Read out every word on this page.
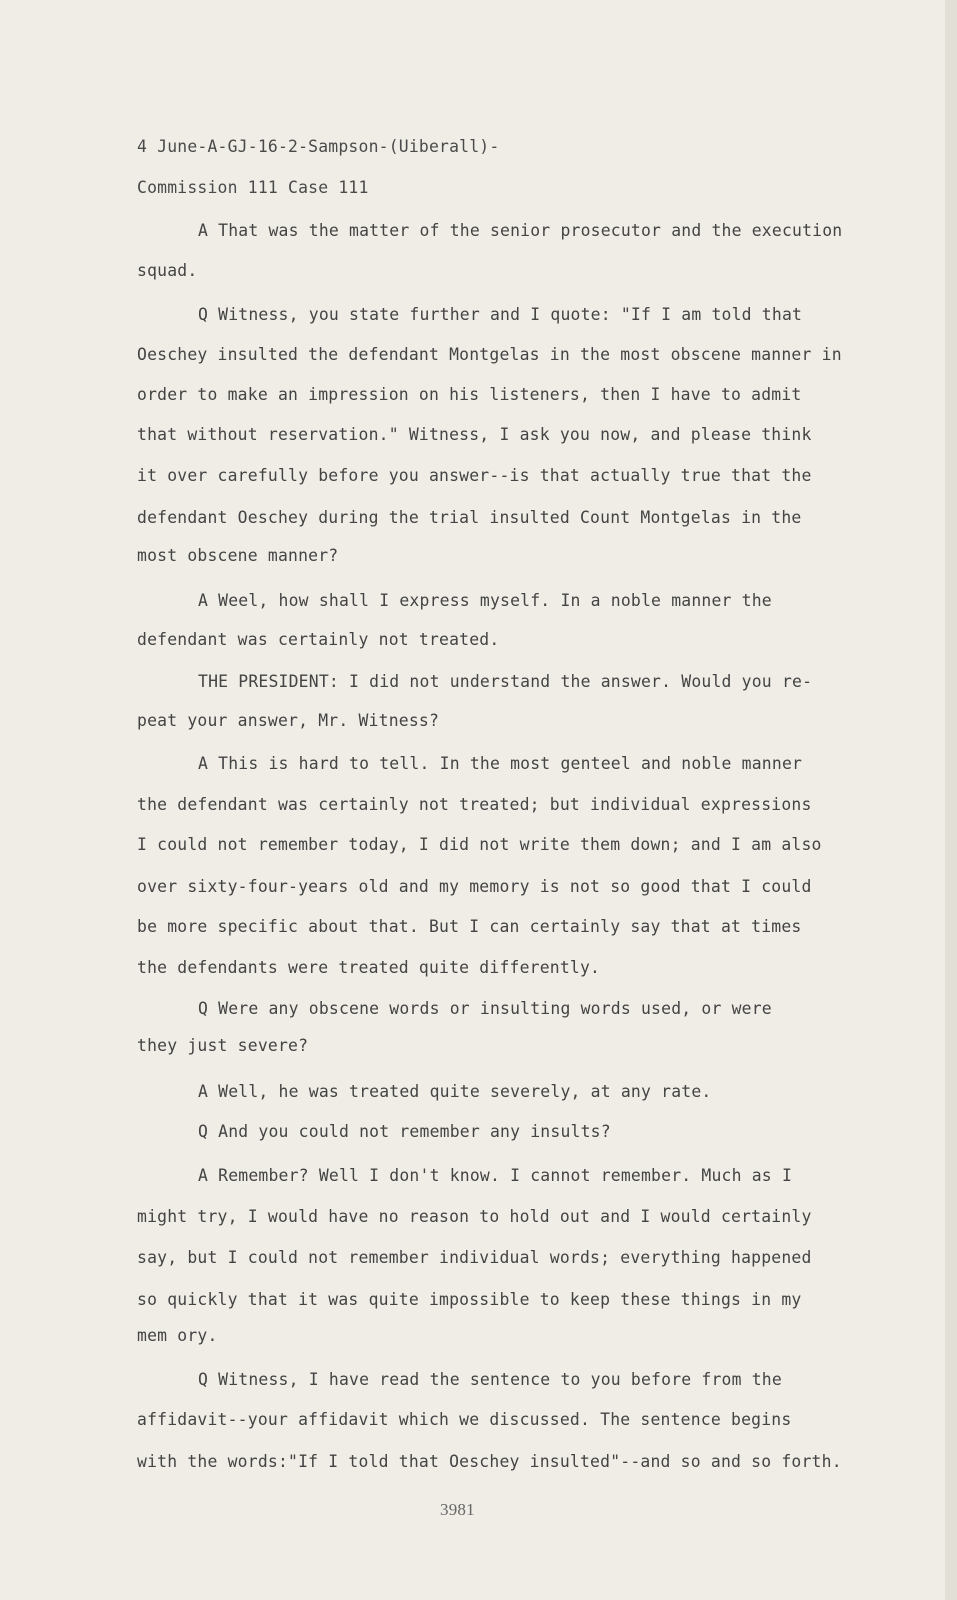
4 June-A-GJ-16-2-Sampson-(Uiberall)-
Commission 111 Case 111
A That was the matter of the senior prosecutor and the execution
squad.
Q Witness, you state further and I quote: "If I am told that
Oeschey insulted the defendant Montgelas in the most obscene manner in
order to make an impression on his listeners, then I have to admit
that without reservation." Witness, I ask you now, and please think
it over carefully before you answer--is that actually true that the
defendant Oeschey during the trial insulted Count Montgelas in the
most obscene manner?
A Weel, how shall I express myself. In a noble manner the
defendant was certainly not treated.
THE PRESIDENT: I did not understand the answer. Would you re-
peat your answer, Mr. Witness?
A This is hard to tell. In the most genteel and noble manner
the defendant was certainly not treated; but individual expressions
I could not remember today, I did not write them down; and I am also
over sixty-four-years old and my memory is not so good that I could
be more specific about that. But I can certainly say that at times
the defendants were treated quite differently.
Q Were any obscene words or insulting words used, or were
they just severe?
A Well, he was treated quite severely, at any rate.
Q And you could not remember any insults?
A Remember? Well I don't know. I cannot remember. Much as I
might try, I would have no reason to hold out and I would certainly
say, but I could not remember individual words; everything happened
so quickly that it was quite impossible to keep these things in my
mem ory.
Q Witness, I have read the sentence to you before from the
affidavit--your affidavit which we discussed. The sentence begins
with the words:"If I told that Oeschey insulted"--and so and so forth.
3981
